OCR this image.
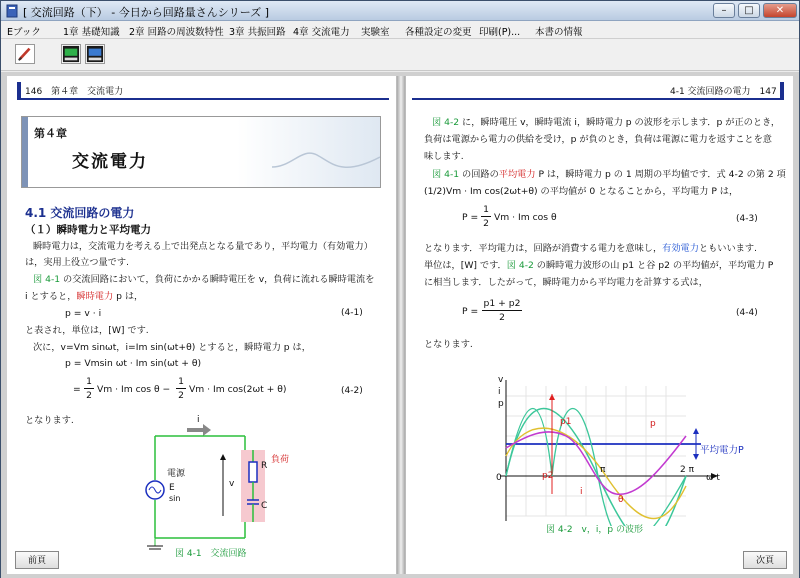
[ 交流回路（下） - 今日から回路量さんシリーズ ]	–	□	✕
Eブック 1章 基礎知識 2章 回路の周波数特性 3章 共振回路 4章 交流電力 実験室 各種設定の変更 印刷(P)... 本書の情報
146　第４章　交流電力
第４章
交流電力
4.1 交流回路の電力
（１）瞬時電力と平均電力
瞬時電力は，交流電力を考える上で出発点となる量であり，平均電力（有効電力）
は，実用上役立つ量です.
図 4-1 の交流回路において，負荷にかかる瞬時電圧を v，負荷に流れる瞬時電流を
i とすると，瞬時電力 p は，
p = v · i	(4-1)
と表され，単位は，[W] です.
次に，v=Vm sinωt，i=Im sin(ωt+θ) とすると，瞬時電力 p は，
p = Vmsin ωt · Im sin(ωt + θ)
=
1
2
Vm · Im cos θ −
1
2
Vm · Im cos(2ωt + θ)	(4-2)
となります.	i
電源
E
sin
v
R
C
負荷
図 4-1　交流回路
4-1 交流回路の電力　147
図 4-2 に，瞬時電圧 v，瞬時電流 i，瞬時電力 p の波形を示します．p が正のとき，
負荷は電源から電力の供給を受け，p が負のとき，負荷は電源に電力を返すことを意
味します.
図 4-1 の回路の平均電力 P は，瞬時電力 p の 1 周期の平均値です．式 4-2 の第 2 項
(1/2)Vm · Im cos(2ωt+θ) の平均値が 0 となることから，平均電力 P は，
P =
1
2
Vm · Im cos θ	(4-3)
となります．平均電力は，回路が消費する電力を意味し，有効電力ともいいます.
単位は，[W] です．図 4-2 の瞬時電力波形の山 p1 と谷 p2 の平均値が，平均電力 P
に相当します．したがって，瞬時電力から平均電力を計算する式は，
P =
p1 + p2
2	(4-4)
となります.
v
i
p
0
π	2 π
ω t
p1
p2
i
θ
p
平均電力P
図 4-2　v，i，p の波形
前頁	次頁
